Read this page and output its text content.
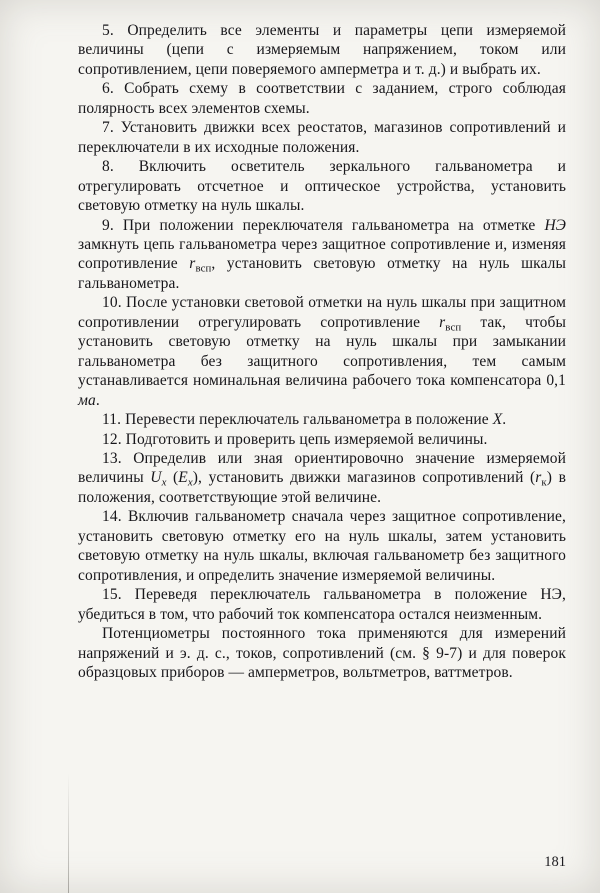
5. Определить все элементы и параметры цепи измеряемой величины (цепи с измеряемым напряжением, током или сопротивлением, цепи поверяемого амперметра и т. д.) и выбрать их.

6. Собрать схему в соответствии с заданием, строго соблюдая полярность всех элементов схемы.

7. Установить движки всех реостатов, магазинов сопротивлений и переключатели в их исходные положения.

8. Включить осветитель зеркального гальванометра и отрегулировать отсчетное и оптическое устройства, установить световую отметку на нуль шкалы.

9. При положении переключателя гальванометра на отметке НЭ замкнуть цепь гальванометра через защитное сопротивление и, изменяя сопротивление $r_{всп}$, установить световую отметку на нуль шкалы гальванометра.

10. После установки световой отметки на нуль шкалы при защитном сопротивлении отрегулировать сопротивление $r_{всп}$ так, чтобы установить световую отметку на нуль шкалы при замыкании гальванометра без защитного сопротивления, тем самым устанавливается номинальная величина рабочего тока компенсатора 0,1 ма.

11. Перевести переключатель гальванометра в положение Х.

12. Подготовить и проверить цепь измеряемой величины.

13. Определив или зная ориентировочно значение измеряемой величины $U_x$ $(E_x)$, установить движки магазинов сопротивлений $(r_к)$ в положения, соответствующие этой величине.

14. Включив гальванометр сначала через защитное сопротивление, установить световую отметку его на нуль шкалы, затем установить световую отметку на нуль шкалы, включая гальванометр без защитного сопротивления, и определить значение измеряемой величины.

15. Переведя переключатель гальванометра в положение НЭ, убедиться в том, что рабочий ток компенсатора остался неизменным.

Потенциометры постоянного тока применяются для измерений напряжений и э. д. с., токов, сопротивлений (см. § 9-7) и для поверок образцовых приборов — амперметров, вольтметров, ваттметров.

181
